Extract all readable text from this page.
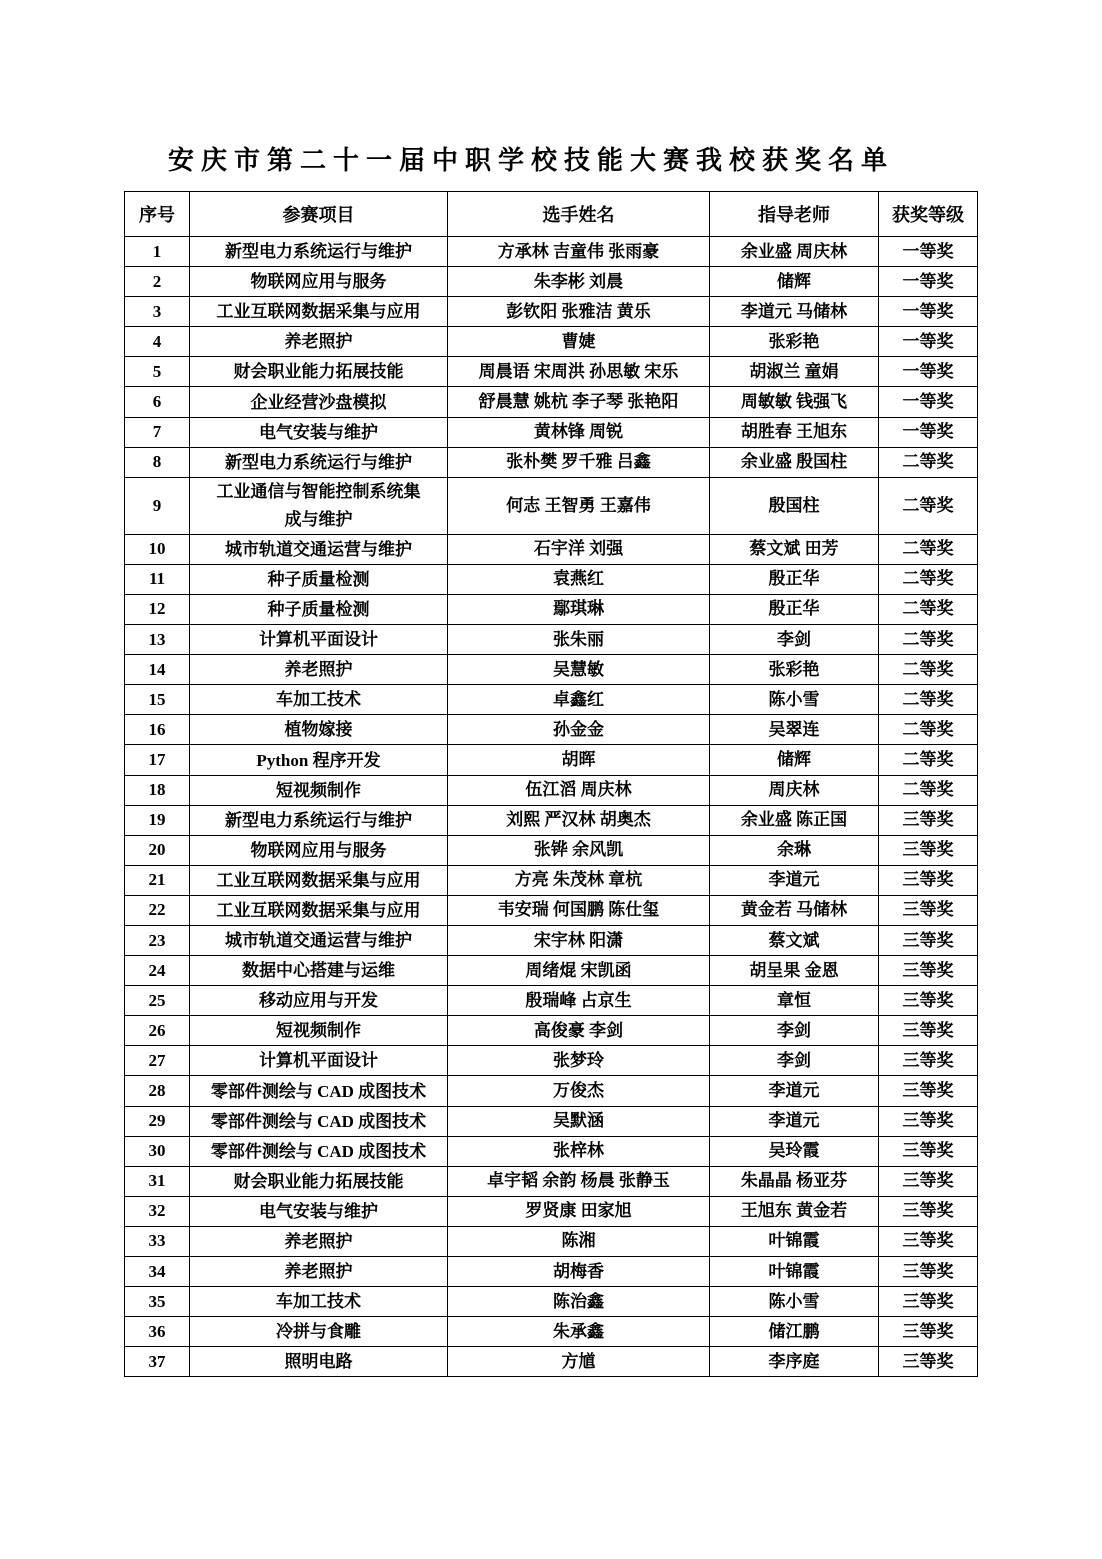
安庆市第二十一届中职学校技能大赛我校获奖名单
序号	参赛项目	选手姓名	指导老师	获奖等级
1	新型电力系统运行与维护	方承林 吉童伟 张雨豪	余业盛 周庆林	一等奖
2	物联网应用与服务	朱李彬 刘晨	储辉	一等奖
3	工业互联网数据采集与应用	彭钦阳 张雅洁 黄乐	李道元 马储林	一等奖
4	养老照护	曹婕	张彩艳	一等奖
5	财会职业能力拓展技能	周晨语 宋周洪 孙思敏 宋乐	胡淑兰 童娟	一等奖
6	企业经营沙盘模拟	舒晨慧 姚杭 李子琴 张艳阳	周敏敏 钱强飞	一等奖
7	电气安装与维护	黄林锋 周锐	胡胜春 王旭东	一等奖
8	新型电力系统运行与维护	张朴樊 罗千雅 吕鑫	余业盛 殷国柱	二等奖
9	工业通信与智能控制系统集成与维护	何志 王智勇 王嘉伟	殷国柱	二等奖
10	城市轨道交通运营与维护	石宇洋 刘强	蔡文斌 田芳	二等奖
11	种子质量检测	袁燕红	殷正华	二等奖
12	种子质量检测	鄢琪琳	殷正华	二等奖
13	计算机平面设计	张朱丽	李剑	二等奖
14	养老照护	吴慧敏	张彩艳	二等奖
15	车加工技术	卓鑫红	陈小雪	二等奖
16	植物嫁接	孙金金	吴翠连	二等奖
17	Python 程序开发	胡晖	储辉	二等奖
18	短视频制作	伍江滔 周庆林	周庆林	二等奖
19	新型电力系统运行与维护	刘熙 严汉林 胡奥杰	余业盛 陈正国	三等奖
20	物联网应用与服务	张铧 余风凯	余琳	三等奖
21	工业互联网数据采集与应用	方亮 朱茂林 章杭	李道元	三等奖
22	工业互联网数据采集与应用	韦安瑞 何国鹏 陈仕玺	黄金若 马储林	三等奖
23	城市轨道交通运营与维护	宋宇林 阳潇	蔡文斌	三等奖
24	数据中心搭建与运维	周绪焜 宋凯函	胡呈果 金恩	三等奖
25	移动应用与开发	殷瑞峰 占京生	章恒	三等奖
26	短视频制作	高俊豪 李剑	李剑	三等奖
27	计算机平面设计	张梦玲	李剑	三等奖
28	零部件测绘与 CAD 成图技术	万俊杰	李道元	三等奖
29	零部件测绘与 CAD 成图技术	吴默涵	李道元	三等奖
30	零部件测绘与 CAD 成图技术	张梓林	吴玲霞	三等奖
31	财会职业能力拓展技能	卓宇韬 余韵 杨晨 张静玉	朱晶晶 杨亚芬	三等奖
32	电气安装与维护	罗贤康 田家旭	王旭东 黄金若	三等奖
33	养老照护	陈湘	叶锦霞	三等奖
34	养老照护	胡梅香	叶锦霞	三等奖
35	车加工技术	陈治鑫	陈小雪	三等奖
36	冷拼与食雕	朱承鑫	储江鹏	三等奖
37	照明电路	方馗	李序庭	三等奖
